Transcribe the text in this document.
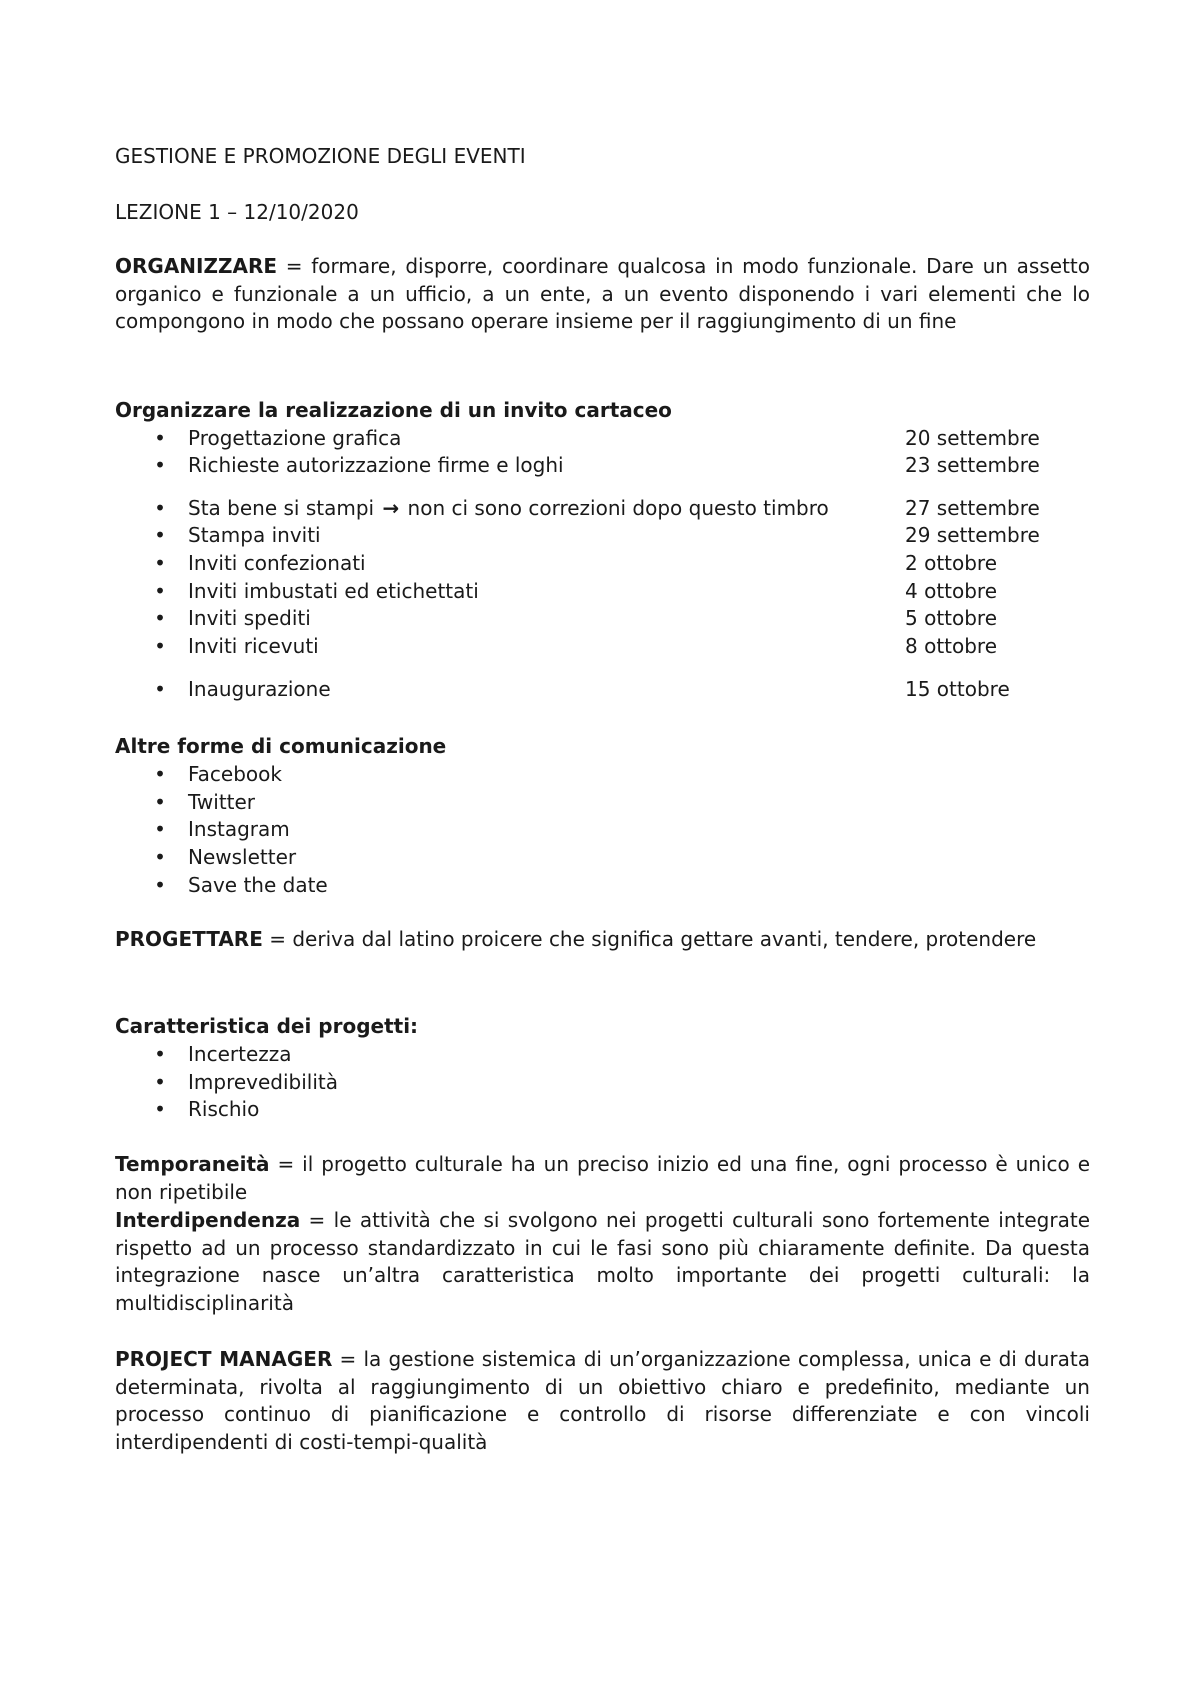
GESTIONE E PROMOZIONE DEGLI EVENTI
LEZIONE 1 – 12/10/2020
ORGANIZZARE = formare, disporre, coordinare qualcosa in modo funzionale. Dare un assetto organico e funzionale a un ufficio, a un ente, a un evento disponendo i vari elementi che lo compongono in modo che possano operare insieme per il raggiungimento di un fine
Organizzare la realizzazione di un invito cartaceo
• Progettazione grafica	20 settembre
• Richieste autorizzazione firme e loghi	23 settembre
• Sta bene si stampi → non ci sono correzioni dopo questo timbro	27 settembre
• Stampa inviti	29 settembre
• Inviti confezionati	2 ottobre
• Inviti imbustati ed etichettati	4 ottobre
• Inviti spediti	5 ottobre
• Inviti ricevuti	8 ottobre
• Inaugurazione	15 ottobre
Altre forme di comunicazione
• Facebook
• Twitter
• Instagram
• Newsletter
• Save the date
PROGETTARE = deriva dal latino proicere che significa gettare avanti, tendere, protendere
Caratteristica dei progetti:
• Incertezza
• Imprevedibilità
• Rischio
Temporaneità = il progetto culturale ha un preciso inizio ed una fine, ogni processo è unico e non ripetibile
Interdipendenza = le attività che si svolgono nei progetti culturali sono fortemente integrate rispetto ad un processo standardizzato in cui le fasi sono più chiaramente definite. Da questa integrazione nasce un’altra caratteristica molto importante dei progetti culturali: la multidisciplinarità
PROJECT MANAGER = la gestione sistemica di un’organizzazione complessa, unica e di durata determinata, rivolta al raggiungimento di un obiettivo chiaro e predefinito, mediante un processo continuo di pianificazione e controllo di risorse differenziate e con vincoli interdipendenti di costi-tempi-qualità
